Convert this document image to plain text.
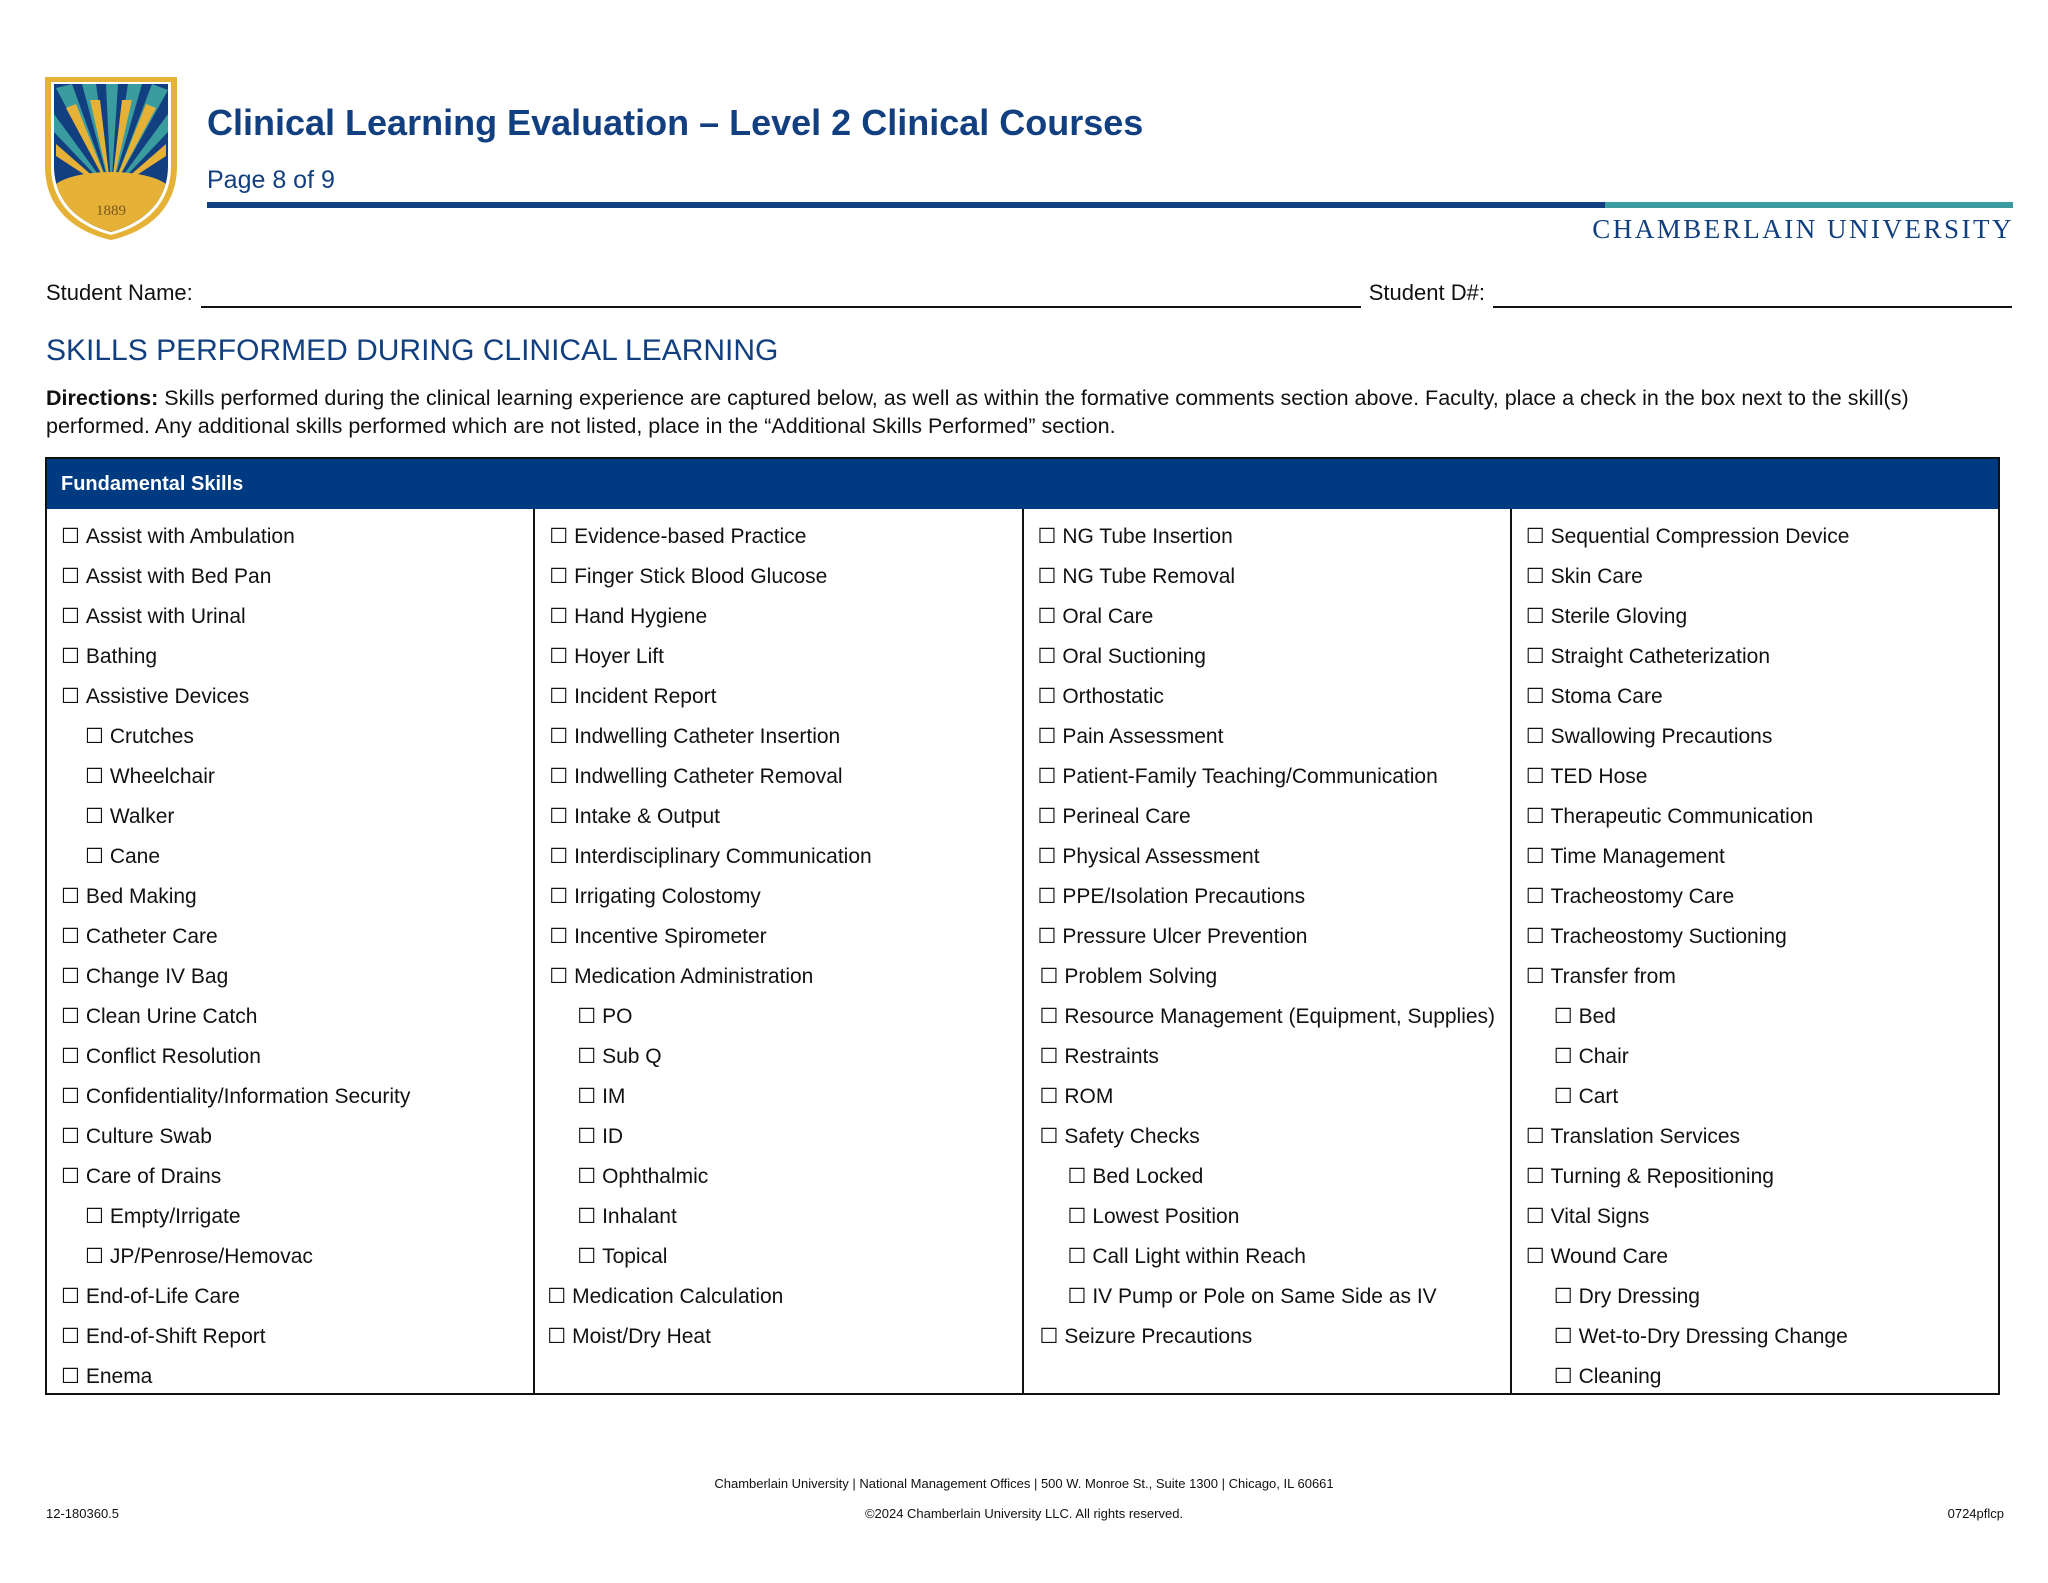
1889
Clinical Learning Evaluation – Level 2 Clinical Courses
Page 8 of 9
CHAMBERLAIN UNIVERSITY
Student Name:	Student D#:
SKILLS PERFORMED DURING CLINICAL LEARNING
Directions: Skills performed during the clinical learning experience are captured below, as well as within the formative comments section above. Faculty, place a check in the box next to the skill(s) performed. Any additional skills performed which are not listed, place in the “Additional Skills Performed” section.
Fundamental Skills
☐ Assist with Ambulation
☐ Assist with Bed Pan
☐ Assist with Urinal
☐ Bathing
☐ Assistive Devices
☐ Crutches
☐ Wheelchair
☐ Walker
☐ Cane
☐ Bed Making
☐ Catheter Care
☐ Change IV Bag
☐ Clean Urine Catch
☐ Conflict Resolution
☐ Confidentiality/Information Security
☐ Culture Swab
☐ Care of Drains
☐ Empty/Irrigate
☐ JP/Penrose/Hemovac
☐ End-of-Life Care
☐ End-of-Shift Report
☐ Enema
☐ Evidence-based Practice
☐ Finger Stick Blood Glucose
☐ Hand Hygiene
☐ Hoyer Lift
☐ Incident Report
☐ Indwelling Catheter Insertion
☐ Indwelling Catheter Removal
☐ Intake & Output
☐ Interdisciplinary Communication
☐ Irrigating Colostomy
☐ Incentive Spirometer
☐ Medication Administration
☐ PO
☐ Sub Q
☐ IM
☐ ID
☐ Ophthalmic
☐ Inhalant
☐ Topical
☐ Medication Calculation
☐ Moist/Dry Heat
☐ NG Tube Insertion
☐ NG Tube Removal
☐ Oral Care
☐ Oral Suctioning
☐ Orthostatic
☐ Pain Assessment
☐ Patient-Family Teaching/Communication
☐ Perineal Care
☐ Physical Assessment
☐ PPE/Isolation Precautions
☐ Pressure Ulcer Prevention
☐ Problem Solving
☐ Resource Management (Equipment, Supplies)
☐ Restraints
☐ ROM
☐ Safety Checks
☐ Bed Locked
☐ Lowest Position
☐ Call Light within Reach
☐ IV Pump or Pole on Same Side as IV
☐ Seizure Precautions
☐ Sequential Compression Device
☐ Skin Care
☐ Sterile Gloving
☐ Straight Catheterization
☐ Stoma Care
☐ Swallowing Precautions
☐ TED Hose
☐ Therapeutic Communication
☐ Time Management
☐ Tracheostomy Care
☐ Tracheostomy Suctioning
☐ Transfer from
☐ Bed
☐ Chair
☐ Cart
☐ Translation Services
☐ Turning & Repositioning
☐ Vital Signs
☐ Wound Care
☐ Dry Dressing
☐ Wet-to-Dry Dressing Change
☐ Cleaning
Chamberlain University | National Management Offices | 500 W. Monroe St., Suite 1300 | Chicago, IL 60661
12-180360.5	©2024 Chamberlain University LLC. All rights reserved.	0724pflcp
